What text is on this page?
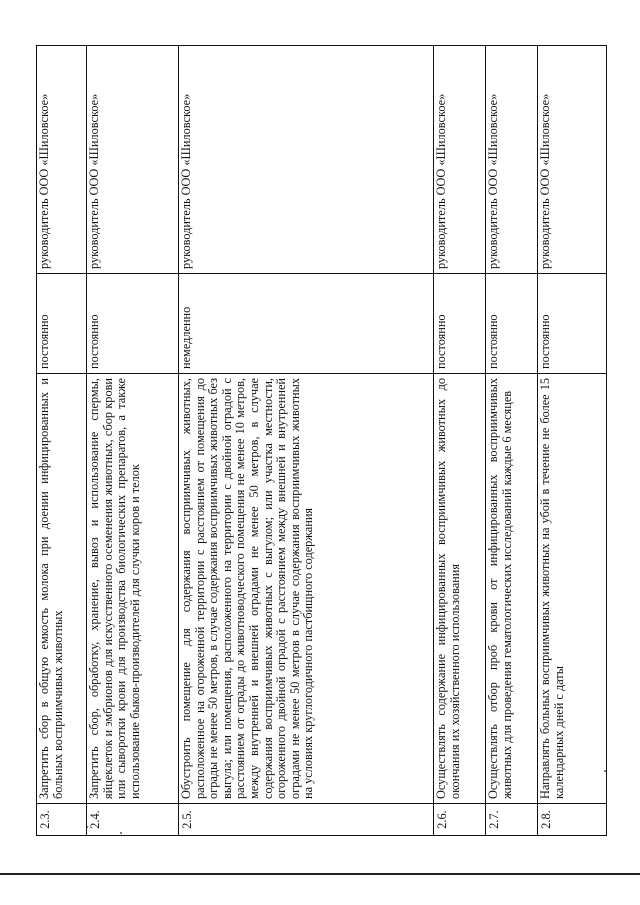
2.3.	Запретить сбор в общую емкость молока при доении инфицированных и больных восприимчивых животных	постоянно	руководитель ООО «Шиловское»
2.4.	Запретить сбор, обработку, хранение, вывоз и использование спермы, яйцеклеток и эмбрионов для искусственного осеменения животных, сбор крови или сыворотки крови для производства биологических препаратов, а также использование быков-производителей для случки коров и телок	постоянно	руководитель ООО «Шиловское»
2.5.	Обустроить помещение для содержания восприимчивых животных, расположенное на огороженной территории с расстоянием от помещения до ограды не менее 50 метров, в случае содержания восприимчивых животных без выгула; или помещения, расположенного на территории с двойной оградой с расстоянием от ограды до животноводческого помещения не менее 10 метров, между внутренней и внешней оградами не менее 50 метров, в случае содержания восприимчивых животных с выгулом; или участка местности, огороженного двойной оградой с расстоянием между внешней и внутренней оградами не менее 50 метров в случае содержания восприимчивых животных на условиях круглогодичного пастбищного содержания	немедленно	руководитель ООО «Шиловское»
2.6.	Осуществлять содержание инфицированных восприимчивых животных до окончания их хозяйственного использования	постоянно	руководитель ООО «Шиловское»
2.7.	Осуществлять отбор проб крови от инфицированных восприимчивых животных для проведения гематологических исследований каждые 6 месяцев	постоянно	руководитель ООО «Шиловское»
2.8.	Направлять больных восприимчивых животных на убой в течение не более 15 календарных дней с даты	постоянно	руководитель ООО «Шиловское»
